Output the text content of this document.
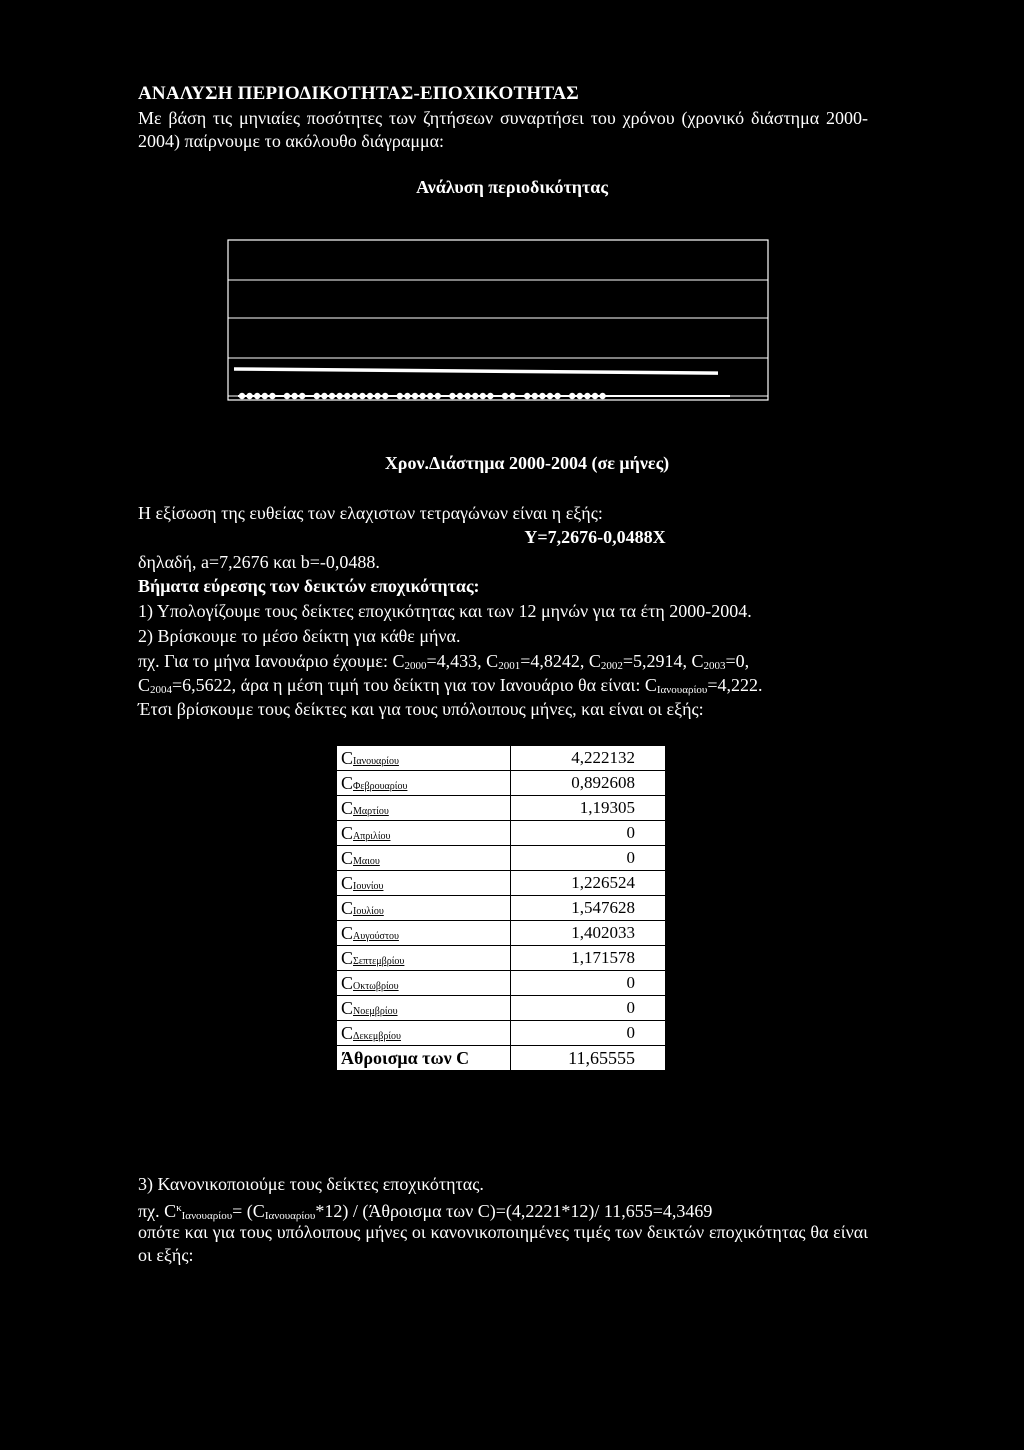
ΑΝΑΛΥΣΗ ΠΕΡΙΟΔΙΚΟΤΗΤΑΣ-ΕΠΟΧΙΚΟΤΗΤΑΣ
Με βάση τις μηνιαίες ποσότητες των ζητήσεων συναρτήσει του χρόνου (χρονικό διάστημα 2000-2004) παίρνουμε το ακόλουθο διάγραμμα:
Ανάλυση περιοδικότητας
Χρον.Διάστημα 2000-2004 (σε μήνες)
Η εξίσωση της ευθείας των ελαχιστων τετραγώνων είναι η εξής:
Y=7,2676-0,0488X
δηλαδή, a=7,2676 και b=-0,0488.
Βήματα εύρεσης των δεικτών εποχικότητας:
1) Υπολογίζουμε τους δείκτες εποχικότητας και των 12 μηνών για τα έτη 2000-2004.
2) Βρίσκουμε το μέσο δείκτη για κάθε μήνα.
πχ. Για το μήνα Ιανουάριο έχουμε: $C_{2000}=4,433$, $C_{2001}=4,8242$, $C_{2002}=5,2914$, $C_{2003}=0$,
$C_{2004}=6,5622$, άρα η μέση τιμή του δείκτη για τον Ιανουάριο θα είναι: $C_{I\alpha\nu o\upsilon\alpha\rho ίo\upsilon}=4,222$.
Έτσι βρίσκουμε τους δείκτες και για τους υπόλοιπους μήνες, και είναι οι εξής:
CΙανουαρίου	4,222132
CΦεβρουαρίου	0,892608
CΜαρτίου	1,19305
CΑπριλίου	0
CΜαιου	0
CΙουνίου	1,226524
CΙουλίου	1,547628
CΑυγούστου	1,402033
CΣεπτεμβρίου	1,171578
CΟκτωβρίου	0
CΝοεμβρίου	0
CΔεκεμβρίου	0
Άθροισμα των C	11,65555
3) Κανονικοποιούμε τους δείκτες εποχικότητας.
πχ. $C^\kappa_{I\alpha\nu o\upsilon\alpha\rho ίo\upsilon}= (C_{I\alpha\nu o\upsilon\alpha\rho ίo\upsilon}*12) / (Ά\theta\rho o\iota\sigma\mu\alpha$ των C)=(4,2221*12)/ 11,655=4,3469
οπότε και για τους υπόλοιπους μήνες οι κανονικοποιημένες τιμές των δεικτών εποχικότητας θα είναι οι εξής:
